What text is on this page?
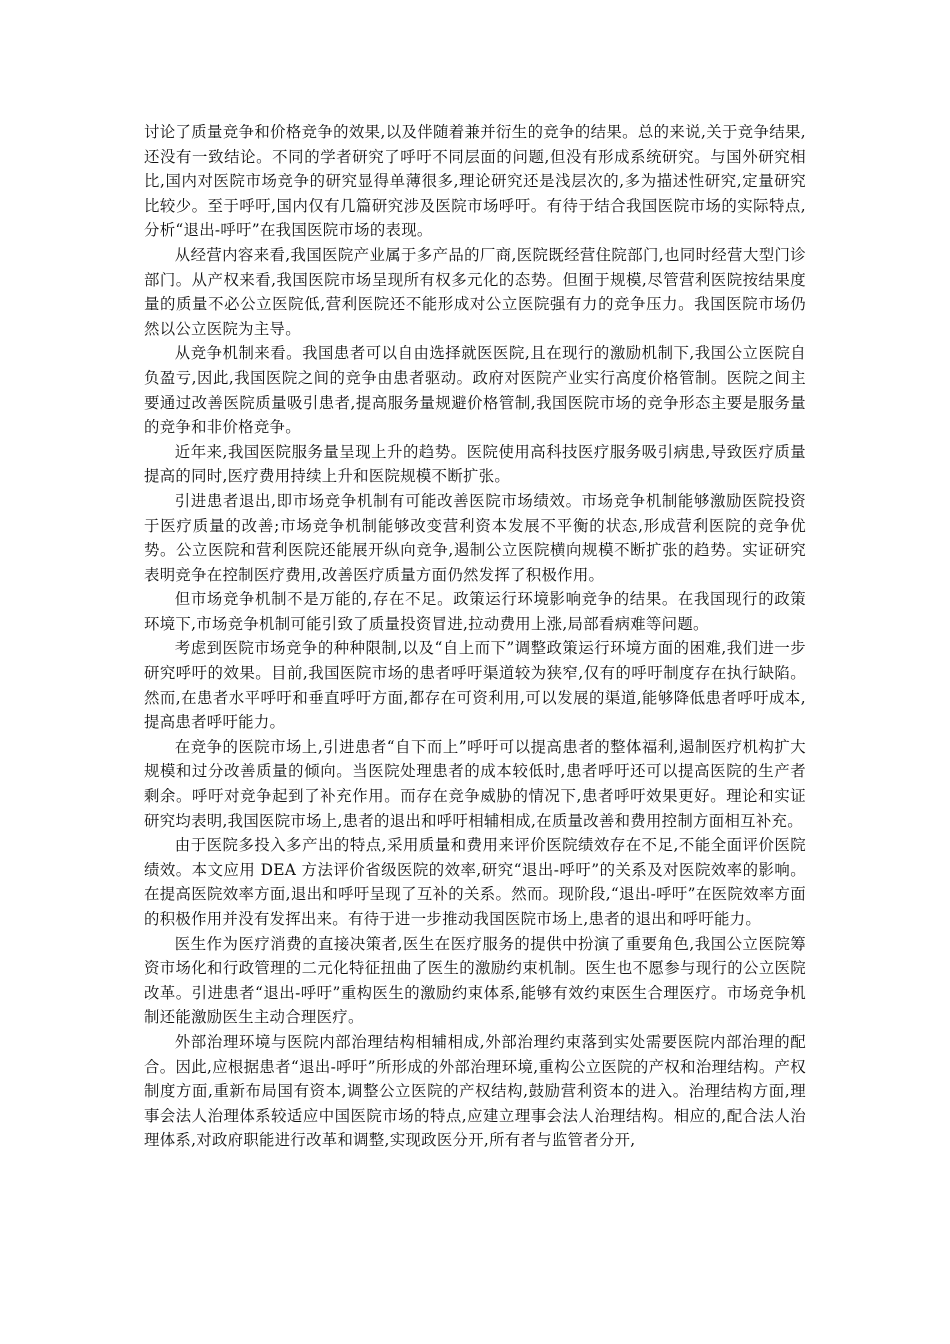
讨论了质量竞争和价格竞争的效果,以及伴随着兼并衍生的竞争的结果。总的来说,关于竞争结果,还没有一致结论。不同的学者研究了呼吁不同层面的问题,但没有形成系统研究。与国外研究相比,国内对医院市场竞争的研究显得单薄很多,理论研究还是浅层次的,多为描述性研究,定量研究比较少。至于呼吁,国内仅有几篇研究涉及医院市场呼吁。有待于结合我国医院市场的实际特点,分析“退出-呼吁”在我国医院市场的表现。

从经营内容来看,我国医院产业属于多产品的厂商,医院既经营住院部门,也同时经营大型门诊部门。从产权来看,我国医院市场呈现所有权多元化的态势。但囿于规模,尽管营利医院按结果度量的质量不必公立医院低,营利医院还不能形成对公立医院强有力的竞争压力。我国医院市场仍然以公立医院为主导。

从竞争机制来看。我国患者可以自由选择就医医院,且在现行的激励机制下,我国公立医院自负盈亏,因此,我国医院之间的竞争由患者驱动。政府对医院产业实行高度价格管制。医院之间主要通过改善医院质量吸引患者,提高服务量规避价格管制,我国医院市场的竞争形态主要是服务量的竞争和非价格竞争。

近年来,我国医院服务量呈现上升的趋势。医院使用高科技医疗服务吸引病患,导致医疗质量提高的同时,医疗费用持续上升和医院规模不断扩张。

引进患者退出,即市场竞争机制有可能改善医院市场绩效。市场竞争机制能够激励医院投资于医疗质量的改善;市场竞争机制能够改变营利资本发展不平衡的状态,形成营利医院的竞争优势。公立医院和营利医院还能展开纵向竞争,遏制公立医院横向规模不断扩张的趋势。实证研究表明竞争在控制医疗费用,改善医疗质量方面仍然发挥了积极作用。

但市场竞争机制不是万能的,存在不足。政策运行环境影响竞争的结果。在我国现行的政策环境下,市场竞争机制可能引致了质量投资冒进,拉动费用上涨,局部看病难等问题。

考虑到医院市场竞争的种种限制,以及“自上而下”调整政策运行环境方面的困难,我们进一步研究呼吁的效果。目前,我国医院市场的患者呼吁渠道较为狭窄,仅有的呼吁制度存在执行缺陷。然而,在患者水平呼吁和垂直呼吁方面,都存在可资利用,可以发展的渠道,能够降低患者呼吁成本,提高患者呼吁能力。

在竞争的医院市场上,引进患者“自下而上”呼吁可以提高患者的整体福利,遏制医疗机构扩大规模和过分改善质量的倾向。当医院处理患者的成本较低时,患者呼吁还可以提高医院的生产者剩余。呼吁对竞争起到了补充作用。而存在竞争威胁的情况下,患者呼吁效果更好。理论和实证研究均表明,我国医院市场上,患者的退出和呼吁相辅相成,在质量改善和费用控制方面相互补充。

由于医院多投入多产出的特点,采用质量和费用来评价医院绩效存在不足,不能全面评价医院绩效。本文应用 DEA 方法评价省级医院的效率,研究“退出-呼吁”的关系及对医院效率的影响。在提高医院效率方面,退出和呼吁呈现了互补的关系。然而。现阶段,“退出-呼吁”在医院效率方面的积极作用并没有发挥出来。有待于进一步推动我国医院市场上,患者的退出和呼吁能力。

医生作为医疗消费的直接决策者,医生在医疗服务的提供中扮演了重要角色,我国公立医院筹资市场化和行政管理的二元化特征扭曲了医生的激励约束机制。医生也不愿参与现行的公立医院改革。引进患者“退出-呼吁”重构医生的激励约束体系,能够有效约束医生合理医疗。市场竞争机制还能激励医生主动合理医疗。

外部治理环境与医院内部治理结构相辅相成,外部治理约束落到实处需要医院内部治理的配合。因此,应根据患者“退出-呼吁”所形成的外部治理环境,重构公立医院的产权和治理结构。产权制度方面,重新布局国有资本,调整公立医院的产权结构,鼓励营利资本的进入。治理结构方面,理事会法人治理体系较适应中国医院市场的特点,应建立理事会法人治理结构。相应的,配合法人治理体系,对政府职能进行改革和调整,实现政医分开,所有者与监管者分开,
